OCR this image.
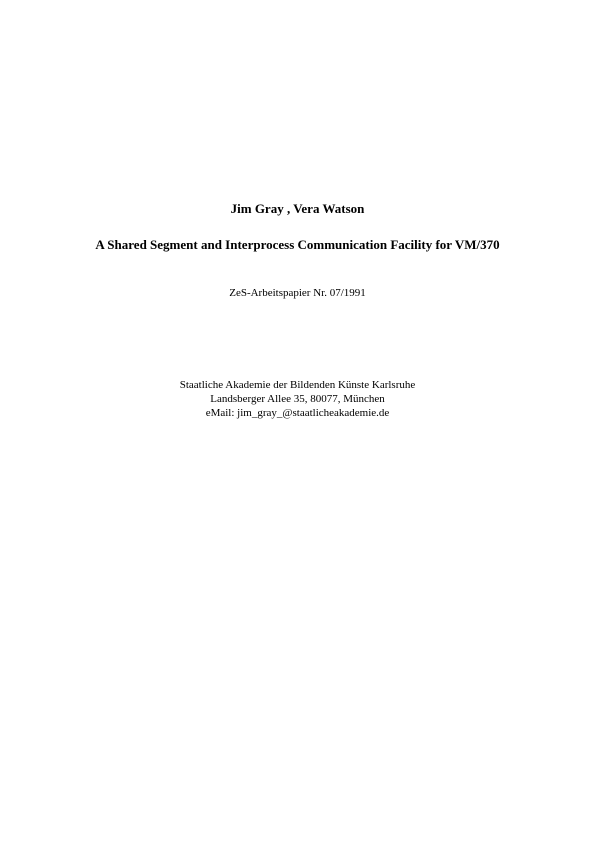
Jim Gray , Vera Watson
A Shared Segment and Interprocess Communication Facility for VM/370
ZeS-Arbeitspapier Nr. 07/1991
Staatliche Akademie der Bildenden Künste Karlsruhe
Landsberger Allee 35, 80077, München
eMail: jim_gray_@staatlicheakademie.de
